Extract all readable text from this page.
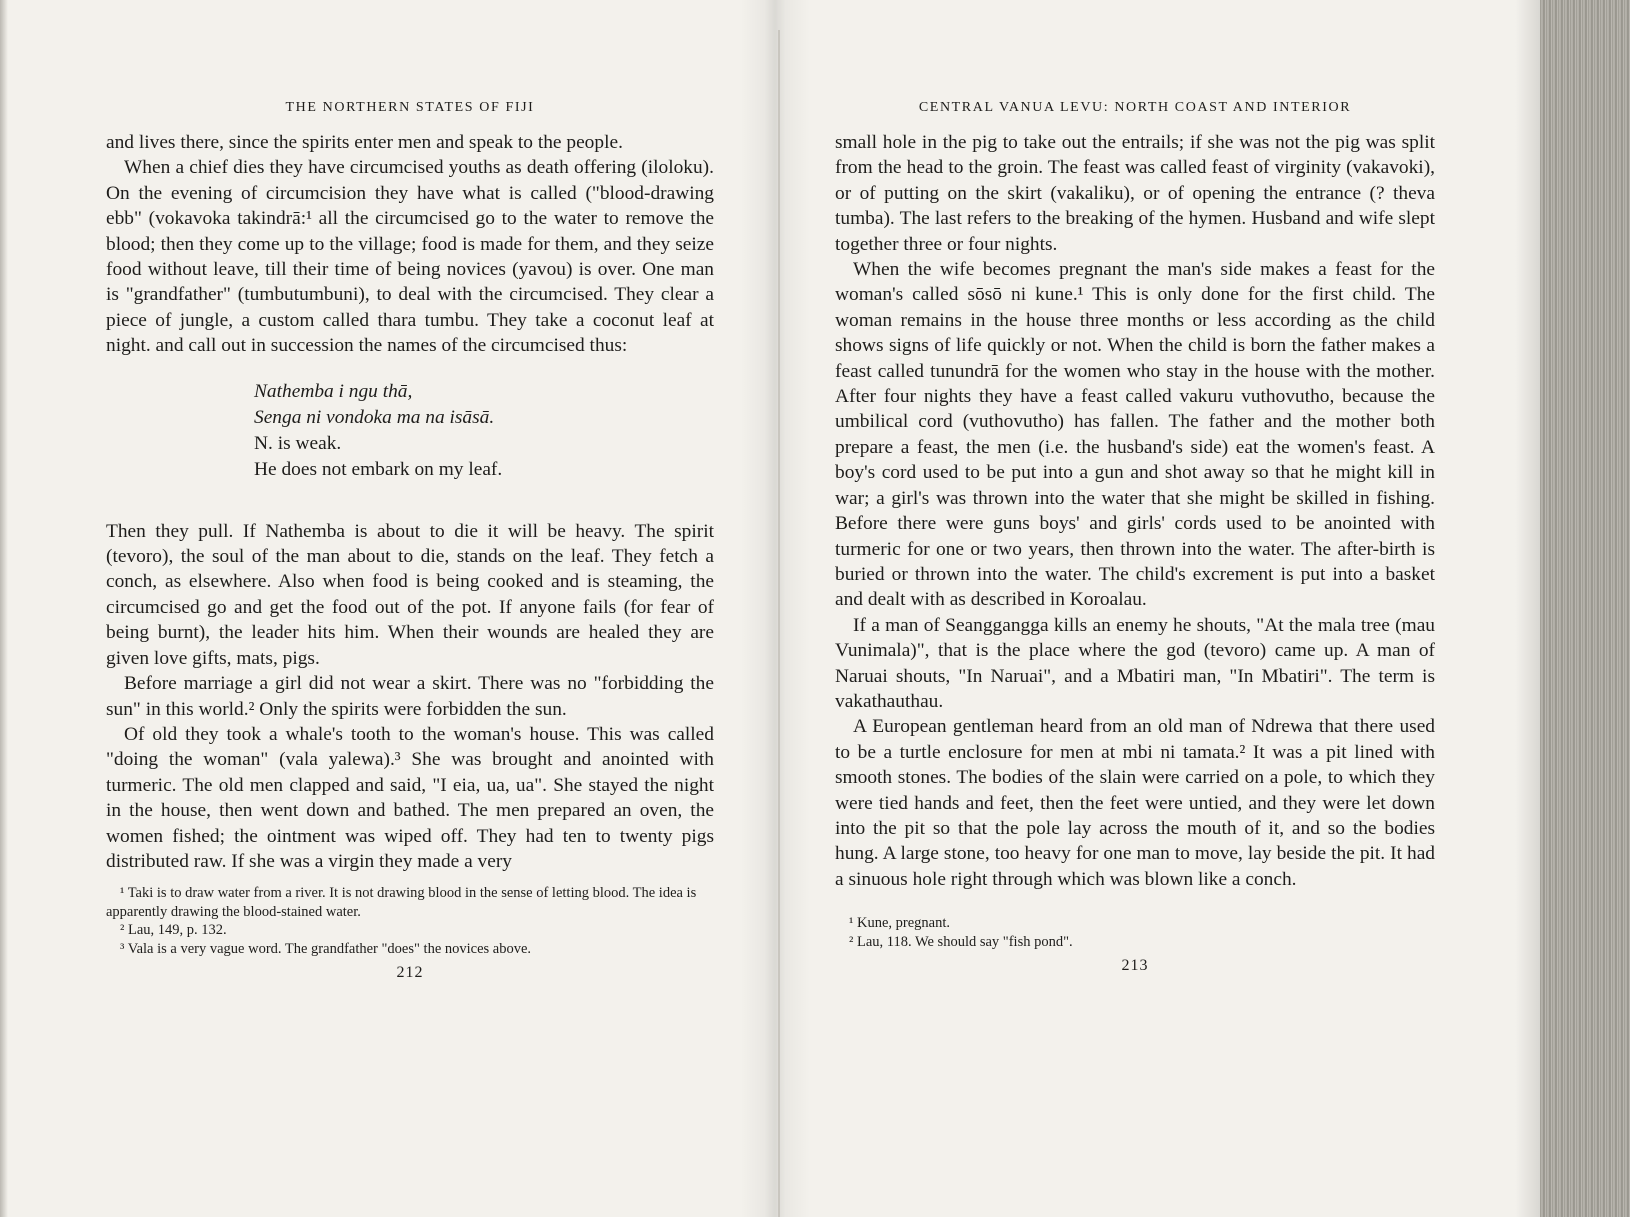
THE NORTHERN STATES OF FIJI

and lives there, since the spirits enter men and speak to the people.

When a chief dies they have circumcised youths as death offering (iloloku). On the evening of circumcision they have what is called ("blood-drawing ebb" (vokavoka takindrā:¹ all the circumcised go to the water to remove the blood; then they come up to the village; food is made for them, and they seize food without leave, till their time of being novices (yavou) is over. One man is "grandfather" (tumbutumbuni), to deal with the circumcised. They clear a piece of jungle, a custom called thara tumbu. They take a coconut leaf at night. and call out in succession the names of the circumcised thus:

Nathemba i ngu thā,
Senga ni vondoka ma na isāsā.
N. is weak.
He does not embark on my leaf.

Then they pull. If Nathemba is about to die it will be heavy. The spirit (tevoro), the soul of the man about to die, stands on the leaf. They fetch a conch, as elsewhere. Also when food is being cooked and is steaming, the circumcised go and get the food out of the pot. If anyone fails (for fear of being burnt), the leader hits him. When their wounds are healed they are given love gifts, mats, pigs.

Before marriage a girl did not wear a skirt. There was no "forbidding the sun" in this world.² Only the spirits were forbidden the sun.

Of old they took a whale's tooth to the woman's house. This was called "doing the woman" (vala yalewa).³ She was brought and anointed with turmeric. The old men clapped and said, "I eia, ua, ua". She stayed the night in the house, then went down and bathed. The men prepared an oven, the women fished; the ointment was wiped off. They had ten to twenty pigs distributed raw. If she was a virgin they made a very

¹ Taki is to draw water from a river. It is not drawing blood in the sense of letting blood. The idea is apparently drawing the blood-stained water.
² Lau, 149, p. 132.
³ Vala is a very vague word. The grandfather "does" the novices above.
212
CENTRAL VANUA LEVU: NORTH COAST AND INTERIOR

small hole in the pig to take out the entrails; if she was not the pig was split from the head to the groin. The feast was called feast of virginity (vakavoki), or of putting on the skirt (vakaliku), or of opening the entrance (? theva tumba). The last refers to the breaking of the hymen. Husband and wife slept together three or four nights.

When the wife becomes pregnant the man's side makes a feast for the woman's called sōsō ni kune.¹ This is only done for the first child. The woman remains in the house three months or less according as the child shows signs of life quickly or not. When the child is born the father makes a feast called tunundrā for the women who stay in the house with the mother. After four nights they have a feast called vakuru vuthovutho, because the umbilical cord (vuthovutho) has fallen. The father and the mother both prepare a feast, the men (i.e. the husband's side) eat the women's feast. A boy's cord used to be put into a gun and shot away so that he might kill in war; a girl's was thrown into the water that she might be skilled in fishing. Before there were guns boys' and girls' cords used to be anointed with turmeric for one or two years, then thrown into the water. The after-birth is buried or thrown into the water. The child's excrement is put into a basket and dealt with as described in Koroalau.

If a man of Seanggangga kills an enemy he shouts, "At the mala tree (mau Vunimala)", that is the place where the god (tevoro) came up. A man of Naruai shouts, "In Naruai", and a Mbatiri man, "In Mbatiri". The term is vakathauthau.

A European gentleman heard from an old man of Ndrewa that there used to be a turtle enclosure for men at mbi ni tamata.² It was a pit lined with smooth stones. The bodies of the slain were carried on a pole, to which they were tied hands and feet, then the feet were untied, and they were let down into the pit so that the pole lay across the mouth of it, and so the bodies hung. A large stone, too heavy for one man to move, lay beside the pit. It had a sinuous hole right through which was blown like a conch.

¹ Kune, pregnant.
² Lau, 118. We should say "fish pond".
213
